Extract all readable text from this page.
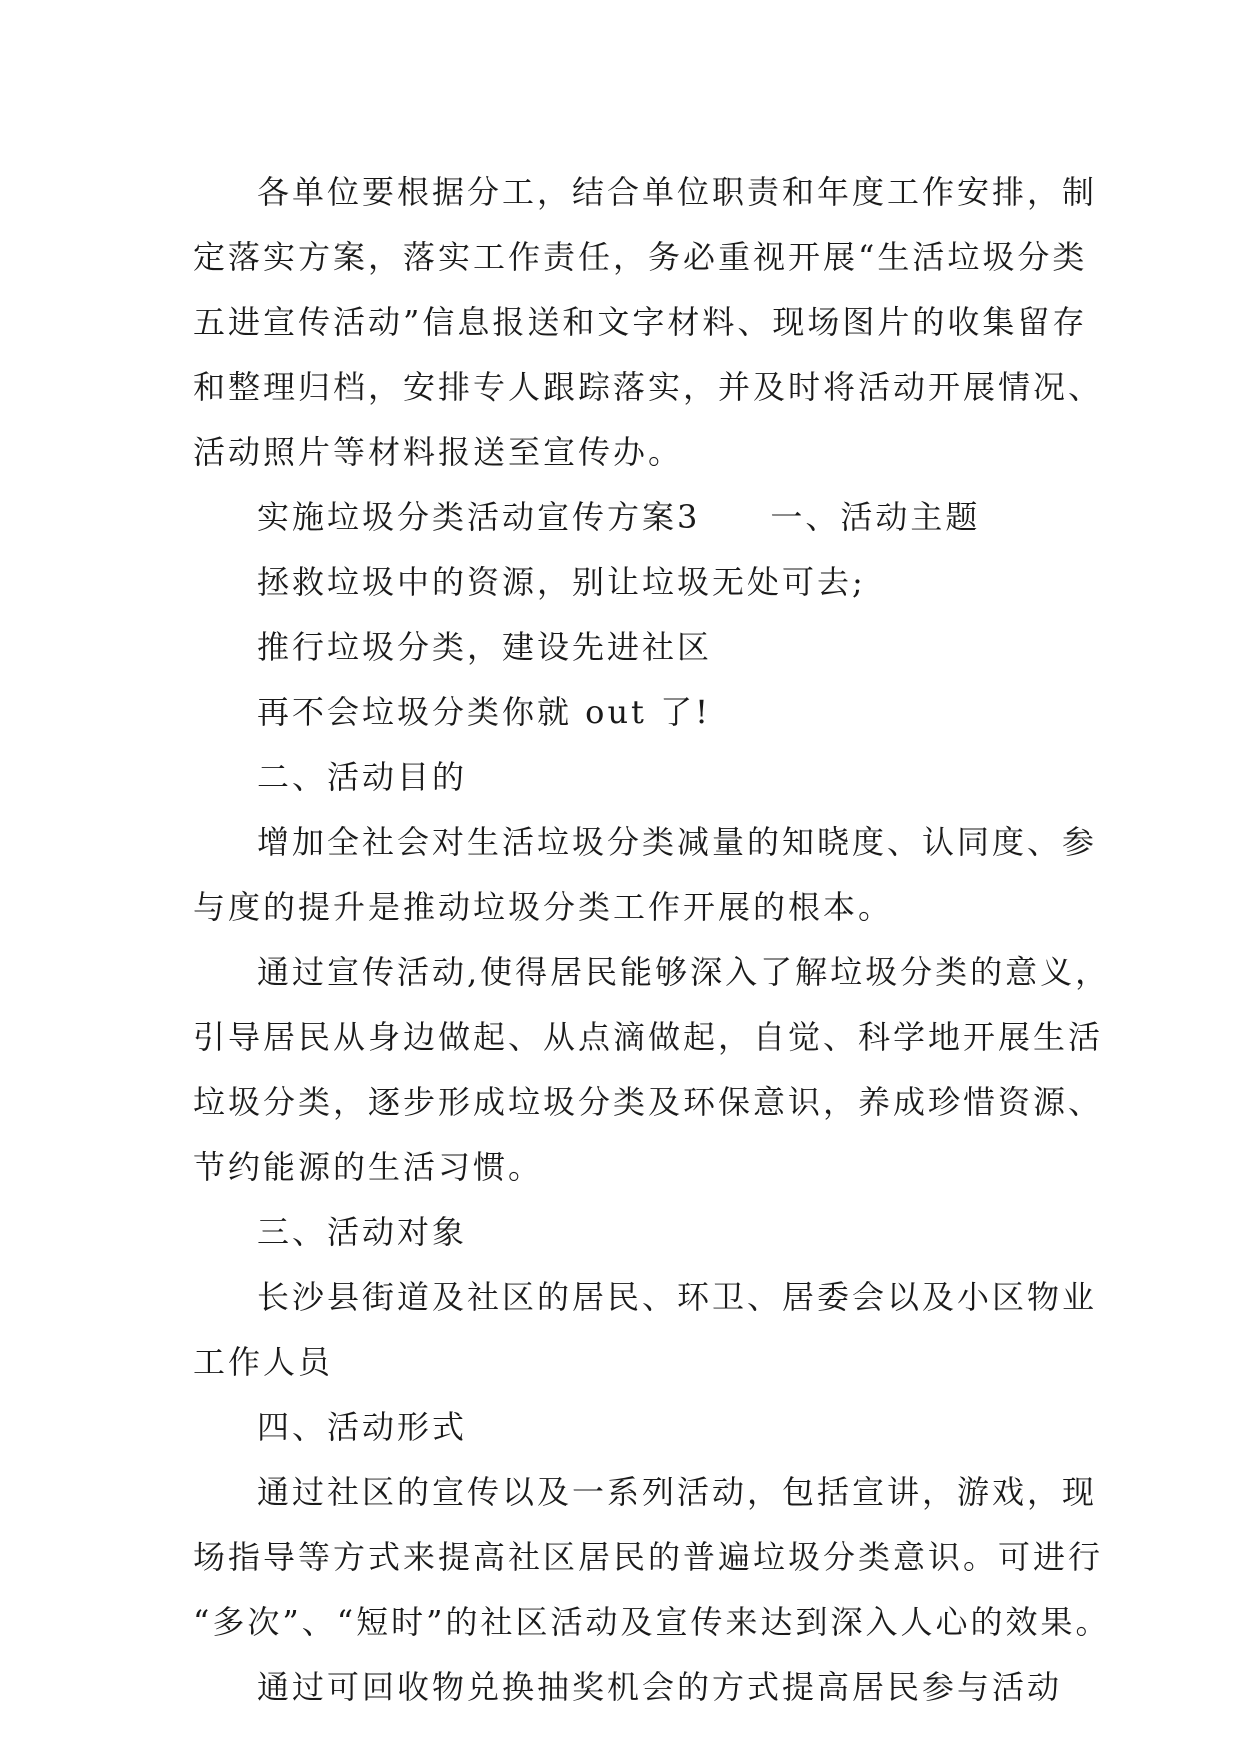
各单位要根据分工，结合单位职责和年度工作安排，制
定落实方案，落实工作责任，务必重视开展“生活垃圾分类
五进宣传活动”信息报送和文字材料、现场图片的收集留存
和整理归档，安排专人跟踪落实，并及时将活动开展情况、
活动照片等材料报送至宣传办。
实施垃圾分类活动宣传方案3 一、活动主题
拯救垃圾中的资源，别让垃圾无处可去;
推行垃圾分类，建设先进社区
再不会垃圾分类你就 out 了!
二、活动目的
增加全社会对生活垃圾分类减量的知晓度、认同度、参
与度的提升是推动垃圾分类工作开展的根本。
通过宣传活动,使得居民能够深入了解垃圾分类的意义，
引导居民从身边做起、从点滴做起，自觉、科学地开展生活
垃圾分类，逐步形成垃圾分类及环保意识，养成珍惜资源、
节约能源的生活习惯。
三、活动对象
长沙县街道及社区的居民、环卫、居委会以及小区物业
工作人员
四、活动形式
通过社区的宣传以及一系列活动，包括宣讲，游戏，现
场指导等方式来提高社区居民的普遍垃圾分类意识。可进行
“多次”、“短时”的社区活动及宣传来达到深入人心的效果。
通过可回收物兑换抽奖机会的方式提高居民参与活动
